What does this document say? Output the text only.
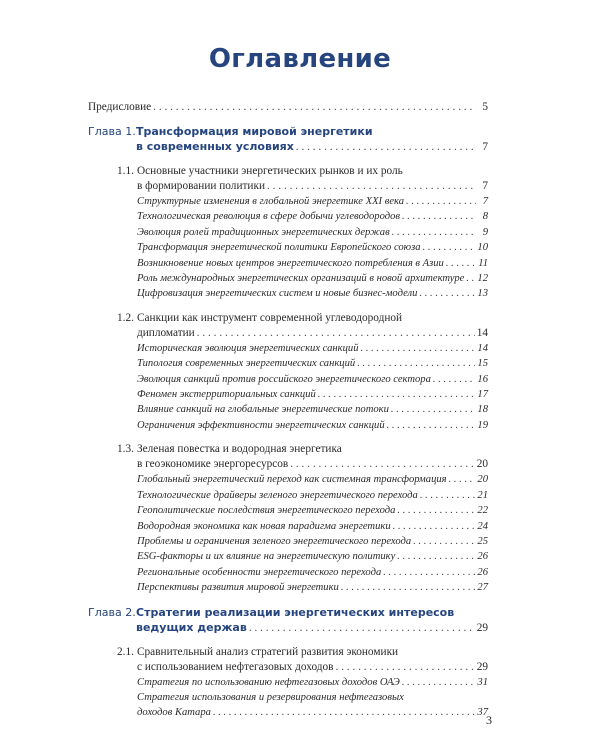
Оглавление
Предисловие . . .	5
Глава 1. Трансформация мировой энергетики
в современных условиях . . .	7
1.1. Основные участники энергетических рынков и их роль
в формировании политики . . .	7
Структурные изменения в глобальной энергетике XXI века . . .	7
Технологическая революция в сфере добычи углеводородов . . .	8
Эволюция ролей традиционных энергетических держав . . .	9
Трансформация энергетической политики Европейского союза . . .	10
Возникновение новых центров энергетического потребления в Азии . . .	11
Роль международных энергетических организаций в новой архитектуре . . . 12
Цифровизация энергетических систем и новые бизнес-модели . . .	13
1.2. Санкции как инструмент современной углеводородной
дипломатии . . .	14
Историческая эволюция энергетических санкций . . .	14
Типология современных энергетических санкций . . .	15
Эволюция санкций против российского энергетического сектора . . .	16
Феномен экстерриториальных санкций . . .	17
Влияние санкций на глобальные энергетические потоки . . .	18
Ограничения эффективности энергетических санкций . . .	19
1.3. Зеленая повестка и водородная энергетика
в геоэкономике энергоресурсов . . .	20
Глобальный энергетический переход как системная трансформация . . .	20
Технологические драйверы зеленого энергетического перехода . . .	21
Геополитические последствия энергетического перехода . . .	22
Водородная экономика как новая парадигма энергетики . . .	24
Проблемы и ограничения зеленого энергетического перехода . . .	25
ESG-факторы и их влияние на энергетическую политику . . .	26
Региональные особенности энергетического перехода . . .	26
Перспективы развития мировой энергетики . . .	27
Глава 2. Стратегии реализации энергетических интересов
ведущих держав . . .	29
2.1. Сравнительный анализ стратегий развития экономики
с использованием нефтегазовых доходов . . .	29
Стратегия по использованию нефтегазовых доходов ОАЭ . . .	31
Стратегия использования и резервирования нефтегазовых
доходов Катара . . .	37
3
